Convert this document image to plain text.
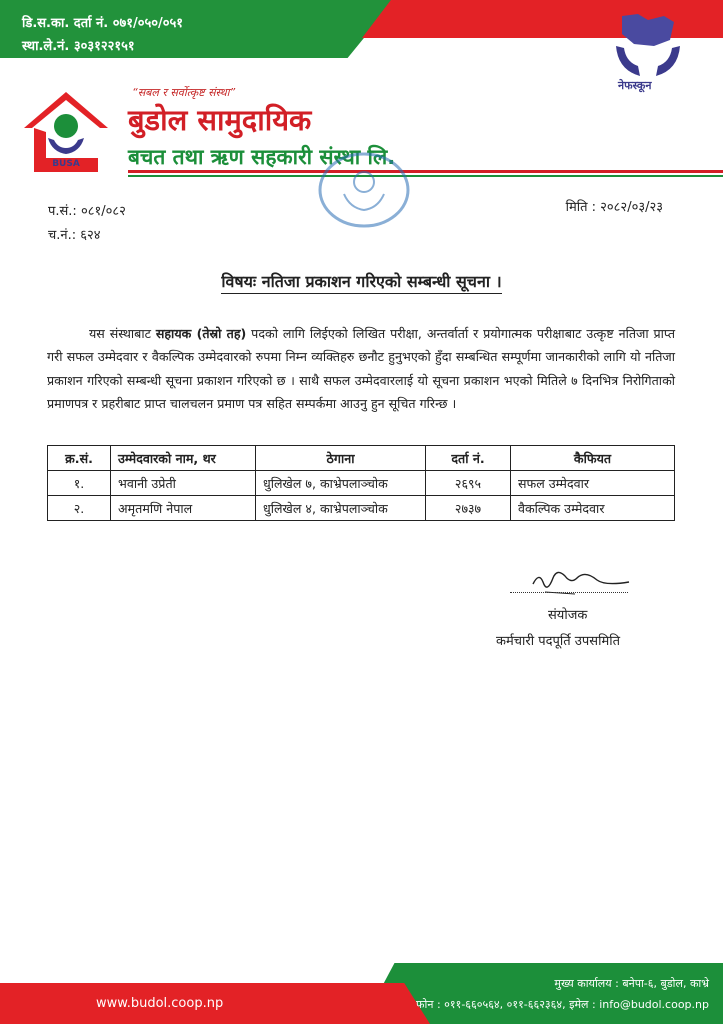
डि.स.का. दर्ता नं. ०७१/०५०/०५१
स्था.ले.नं. ३०३१२२१५१
नेफस्कून
BUSA
“सबल र सर्वोत्कृष्ट संस्था”
बुडोल सामुदायिक
बचत तथा ऋण सहकारी संस्था लि.
प.सं.: ०८१/०८२
च.नं.: ६२४
मिति : २०८२/०३/२३
विषयः नतिजा प्रकाशन गरिएको सम्बन्धी सूचना ।
यस संस्थाबाट सहायक (तेस्रो तह) पदको लागि लिईएको लिखित परीक्षा, अन्तर्वार्ता र प्रयोगात्मक परीक्षाबाट उत्कृष्ट नतिजा प्राप्त गरी सफल उम्मेदवार र वैकल्पिक उम्मेदवारको रुपमा निम्न व्यक्तिहरु छनौट हुनुभएको हुँदा सम्बन्धित सम्पूर्णमा जानकारीको लागि यो नतिजा प्रकाशन गरिएको सम्बन्धी सूचना प्रकाशन गरिएको छ । साथै सफल उम्मेदवारलाई यो सूचना प्रकाशन भएको मितिले ७ दिनभित्र निरोगिताको प्रमाणपत्र र प्रहरीबाट प्राप्त चालचलन प्रमाण पत्र सहित सम्पर्कमा आउनु हुन सूचित गरिन्छ ।
क्र.सं.	उम्मेदवारको नाम, थर	ठेगाना	दर्ता नं.	कैफियत
१.	भवानी उप्रेती	धुलिखेल ७, काभ्रेपलाञ्चोक	२६९५	सफल उम्मेदवार
२.	अमृतमणि नेपाल	धुलिखेल ४, काभ्रेपलाञ्चोक	२७३७	वैकल्पिक उम्मेदवार
संयोजक
कर्मचारी पदपूर्ति उपसमिति
www.budol.coop.np
मुख्य कार्यालय : बनेपा-६, बुडोल, काभ्रे
फोन : ०११-६६०५६४, ०११-६६२३६४, इमेल : info@budol.coop.np
